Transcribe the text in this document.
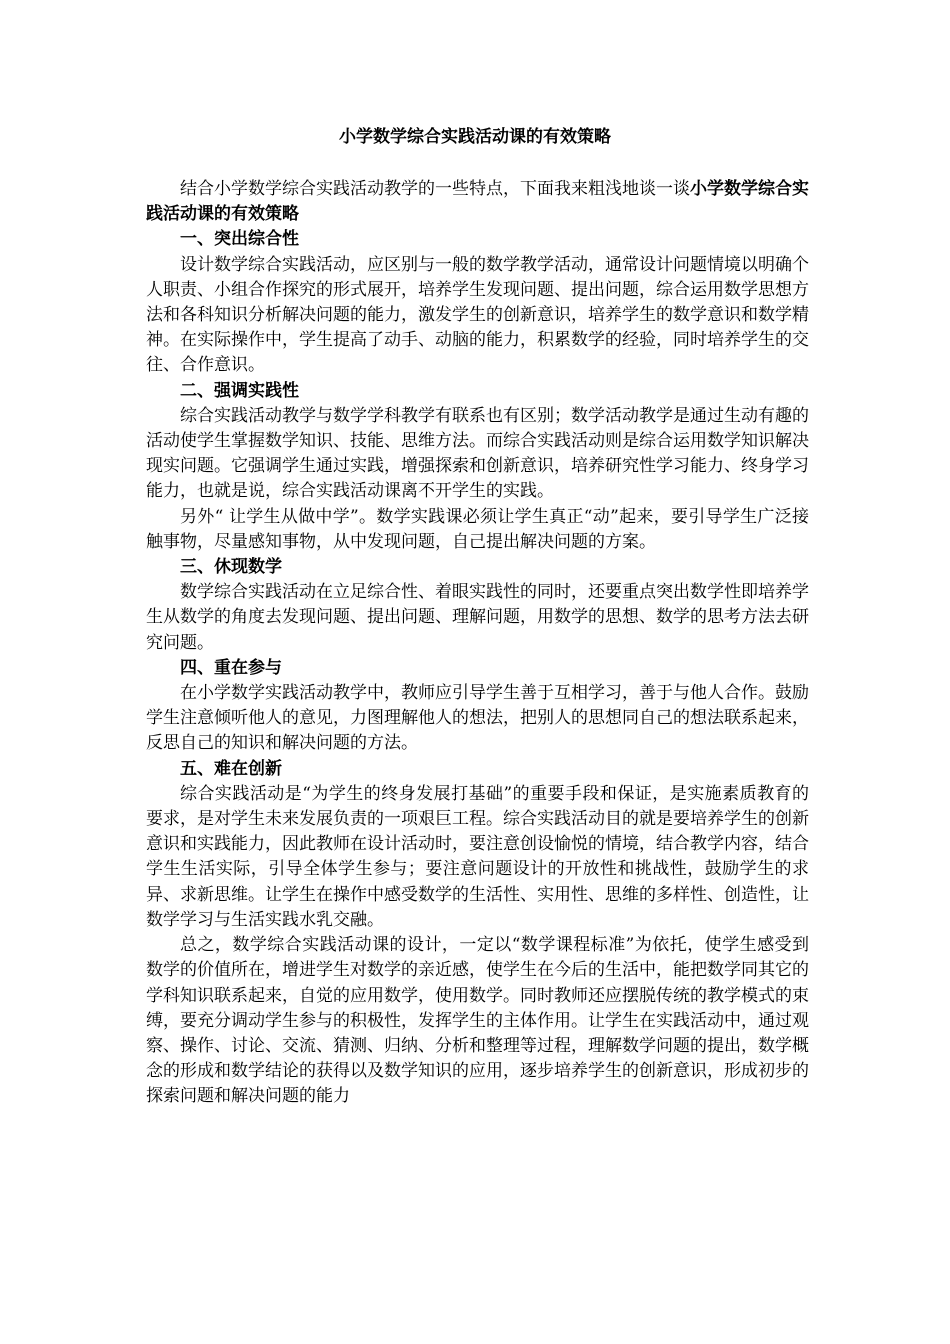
小学数学综合实践活动课的有效策略

结合小学数学综合实践活动教学的一些特点，下面我来粗浅地谈一谈小学数学综合实践活动课的有效策略

一、突出综合性

设计数学综合实践活动，应区别与一般的数学教学活动，通常设计问题情境以明确个人职责、小组合作探究的形式展开，培养学生发现问题、提出问题，综合运用数学思想方法和各科知识分析解决问题的能力，激发学生的创新意识，培养学生的数学意识和数学精神。在实际操作中，学生提高了动手、动脑的能力，积累数学的经验，同时培养学生的交往、合作意识。

二、强调实践性

综合实践活动教学与数学学科教学有联系也有区别；数学活动教学是通过生动有趣的活动使学生掌握数学知识、技能、思维方法。而综合实践活动则是综合运用数学知识解决现实问题。它强调学生通过实践，增强探索和创新意识，培养研究性学习能力、终身学习能力，也就是说，综合实践活动课离不开学生的实践。

另外“ 让学生从做中学”。数学实践课必须让学生真正“动”起来，要引导学生广泛接触事物，尽量感知事物，从中发现问题，自己提出解决问题的方案。

三、休现数学

数学综合实践活动在立足综合性、着眼实践性的同时，还要重点突出数学性即培养学生从数学的角度去发现问题、提出问题、理解问题，用数学的思想、数学的思考方法去研究问题。

四、重在参与

在小学数学实践活动教学中，教师应引导学生善于互相学习，善于与他人合作。鼓励学生注意倾听他人的意见，力图理解他人的想法，把别人的思想同自己的想法联系起来，反思自己的知识和解决问题的方法。

五、难在创新

综合实践活动是“为学生的终身发展打基础”的重要手段和保证，是实施素质教育的要求，是对学生未来发展负责的一项艰巨工程。综合实践活动目的就是要培养学生的创新意识和实践能力，因此教师在设计活动时，要注意创设愉悦的情境，结合教学内容，结合学生生活实际，引导全体学生参与；要注意问题设计的开放性和挑战性，鼓励学生的求异、求新思维。让学生在操作中感受数学的生活性、实用性、思维的多样性、创造性，让数学学习与生活实践水乳交融。

总之，数学综合实践活动课的设计，一定以“数学课程标准”为依托，使学生感受到数学的价值所在，增进学生对数学的亲近感，使学生在今后的生活中，能把数学同其它的学科知识联系起来，自觉的应用数学，使用数学。同时教师还应摆脱传统的教学模式的束缚，要充分调动学生参与的积极性，发挥学生的主体作用。让学生在实践活动中，通过观察、操作、讨论、交流、猜测、归纳、分析和整理等过程，理解数学问题的提出，数学概念的形成和数学结论的获得以及数学知识的应用，逐步培养学生的创新意识，形成初步的探索问题和解决问题的能力
